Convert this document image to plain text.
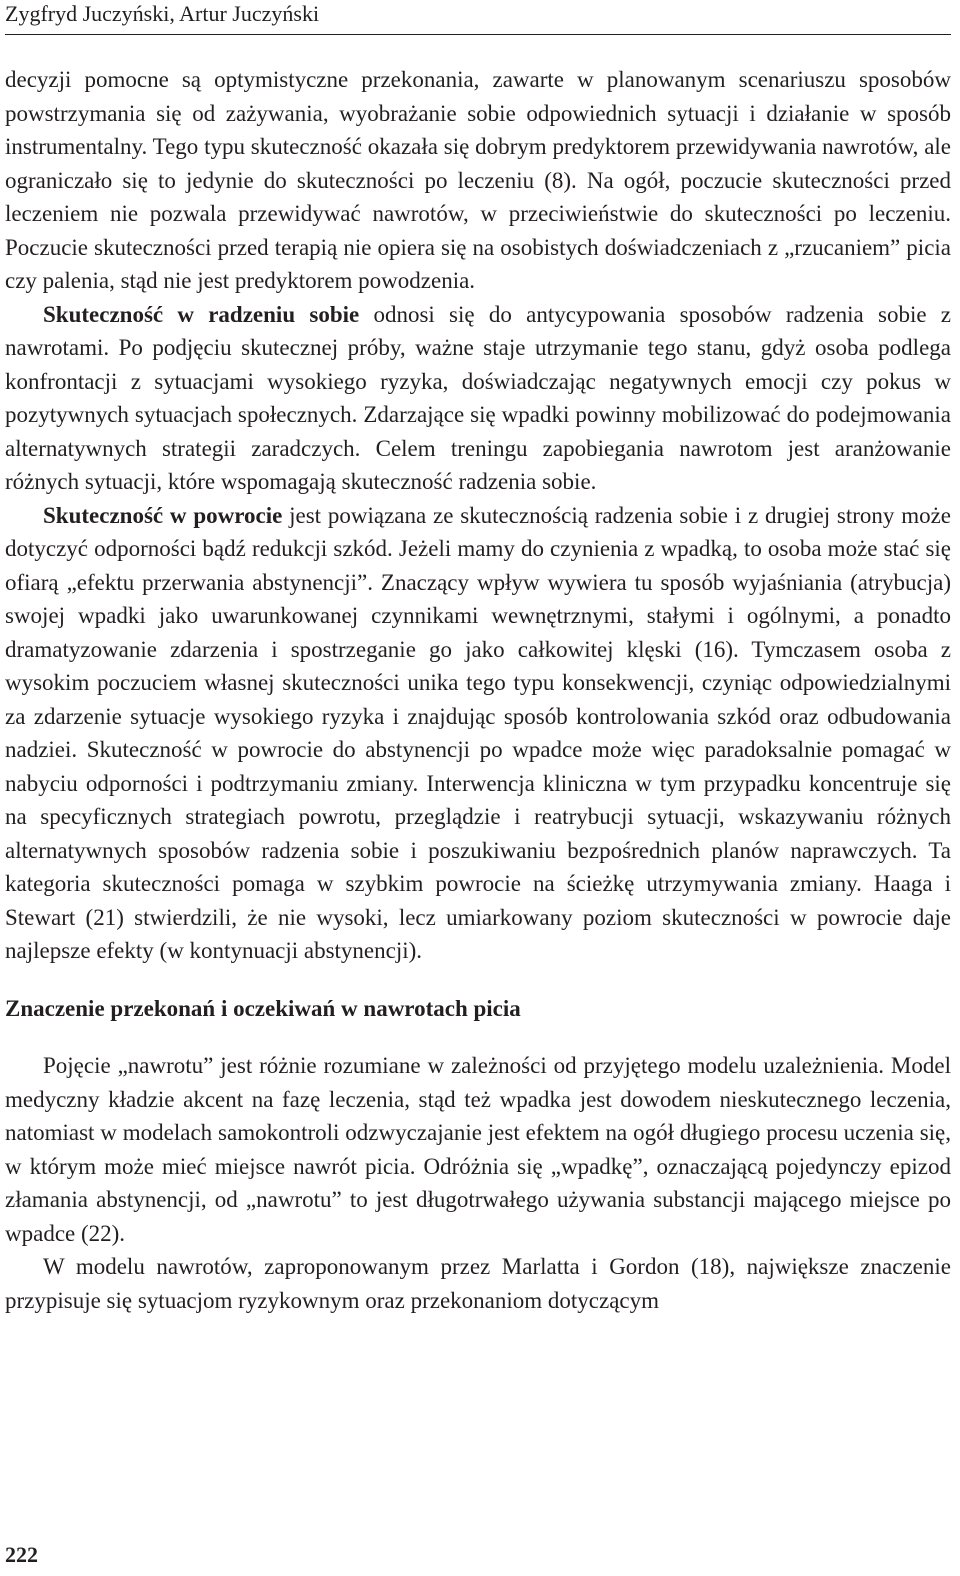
Zygfryd Juczyński, Artur Juczyński

decyzji pomocne są optymistyczne przekonania, zawarte w planowanym scenariuszu sposobów powstrzymania się od zażywania, wyobrażanie sobie odpowiednich sytuacji i działanie w sposób instrumentalny. Tego typu skuteczność okazała się dobrym predyktorem przewidywania nawrotów, ale ograniczało się to jedynie do skuteczności po leczeniu (8). Na ogół, poczucie skuteczności przed leczeniem nie pozwala przewidywać nawrotów, w przeciwieństwie do skuteczności po leczeniu. Poczucie skuteczności przed terapią nie opiera się na osobistych doświadczeniach z „rzucaniem” picia czy palenia, stąd nie jest predyktorem powodzenia.

Skuteczność w radzeniu sobie odnosi się do antycypowania sposobów radzenia sobie z nawrotami. Po podjęciu skutecznej próby, ważne staje utrzymanie tego stanu, gdyż osoba podlega konfrontacji z sytuacjami wysokiego ryzyka, doświadczając negatywnych emocji czy pokus w pozytywnych sytuacjach społecznych. Zdarzające się wpadki powinny mobilizować do podejmowania alternatywnych strategii zaradczych. Celem treningu zapobiegania nawrotom jest aranżowanie różnych sytuacji, które wspomagają skuteczność radzenia sobie.

Skuteczność w powrocie jest powiązana ze skutecznością radzenia sobie i z drugiej strony może dotyczyć odporności bądź redukcji szkód. Jeżeli mamy do czynienia z wpadką, to osoba może stać się ofiarą „efektu przerwania abstynencji”. Znaczący wpływ wywiera tu sposób wyjaśniania (atrybucja) swojej wpadki jako uwarunkowanej czynnikami wewnętrznymi, stałymi i ogólnymi, a ponadto dramatyzowanie zdarzenia i spostrzeganie go jako całkowitej klęski (16). Tymczasem osoba z wysokim poczuciem własnej skuteczności unika tego typu konsekwencji, czyniąc odpowiedzialnymi za zdarzenie sytuacje wysokiego ryzyka i znajdując sposób kontrolowania szkód oraz odbudowania nadziei. Skuteczność w powrocie do abstynencji po wpadce może więc paradoksalnie pomagać w nabyciu odporności i podtrzymaniu zmiany. Interwencja kliniczna w tym przypadku koncentruje się na specyficznych strategiach powrotu, przeglądzie i reatrybucji sytuacji, wskazywaniu różnych alternatywnych sposobów radzenia sobie i poszukiwaniu bezpośrednich planów naprawczych. Ta kategoria skuteczności pomaga w szybkim powrocie na ścieżkę utrzymywania zmiany. Haaga i Stewart (21) stwierdzili, że nie wysoki, lecz umiarkowany poziom skuteczności w powrocie daje najlepsze efekty (w kontynuacji abstynencji).

Znaczenie przekonań i oczekiwań w nawrotach picia

Pojęcie „nawrotu” jest różnie rozumiane w zależności od przyjętego modelu uzależnienia. Model medyczny kładzie akcent na fazę leczenia, stąd też wpadka jest dowodem nieskutecznego leczenia, natomiast w modelach samokontroli odzwyczajanie jest efektem na ogół długiego procesu uczenia się, w którym może mieć miejsce nawrót picia. Odróżnia się „wpadkę”, oznaczającą pojedynczy epizod złamania abstynencji, od „nawrotu” to jest długotrwałego używania substancji mającego miejsce po wpadce (22).

W modelu nawrotów, zaproponowanym przez Marlatta i Gordon (18), największe znaczenie przypisuje się sytuacjom ryzykownym oraz przekonaniom dotyczącym

222
